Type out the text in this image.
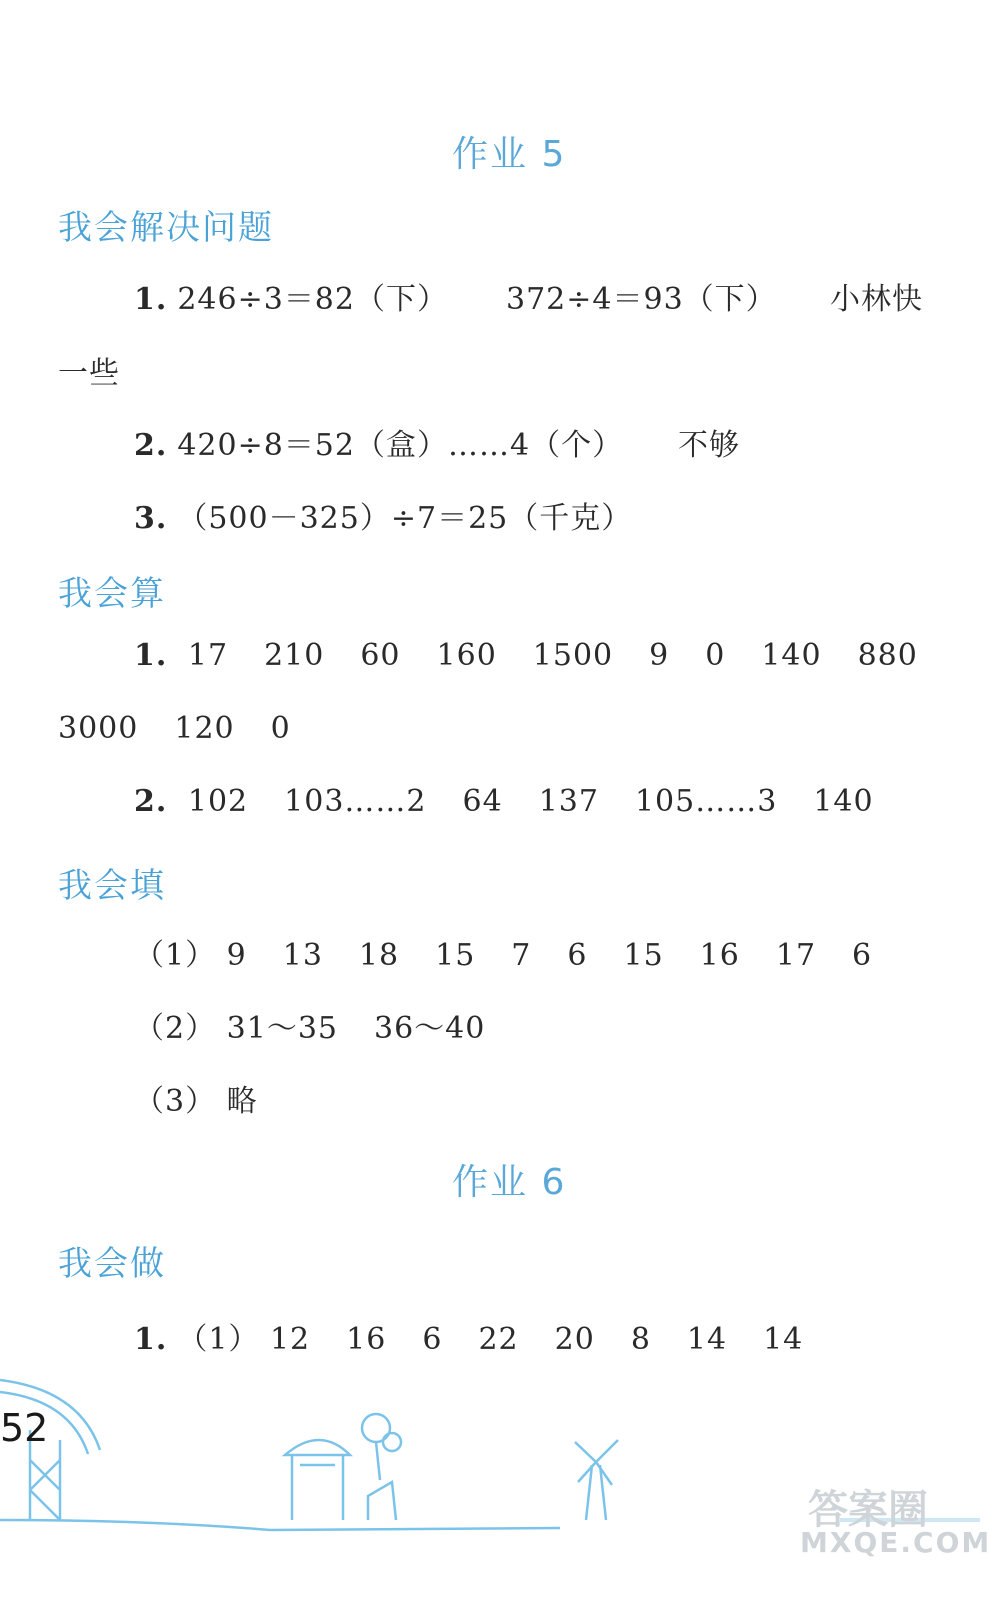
作业 5
我会解决问题
1. 246÷3＝82（下） 372÷4＝93（下） 小林快
一些
2. 420÷8＝52（盒）……4（个） 不够
3. （500－325）÷7＝25（千克）
我会算
1. 17 210 60 160 1500 9 0 140 880
3000 120 0
2. 102 103……2 64 137 105……3 140
我会填
（1） 9 13 18 15 7 6 15 16 17 6
（2） 31～35 36～40
（3） 略
作业 6
我会做
1. （1） 12 16 6 22 20 8 14 14
52
答案圈
MXQE.COM
